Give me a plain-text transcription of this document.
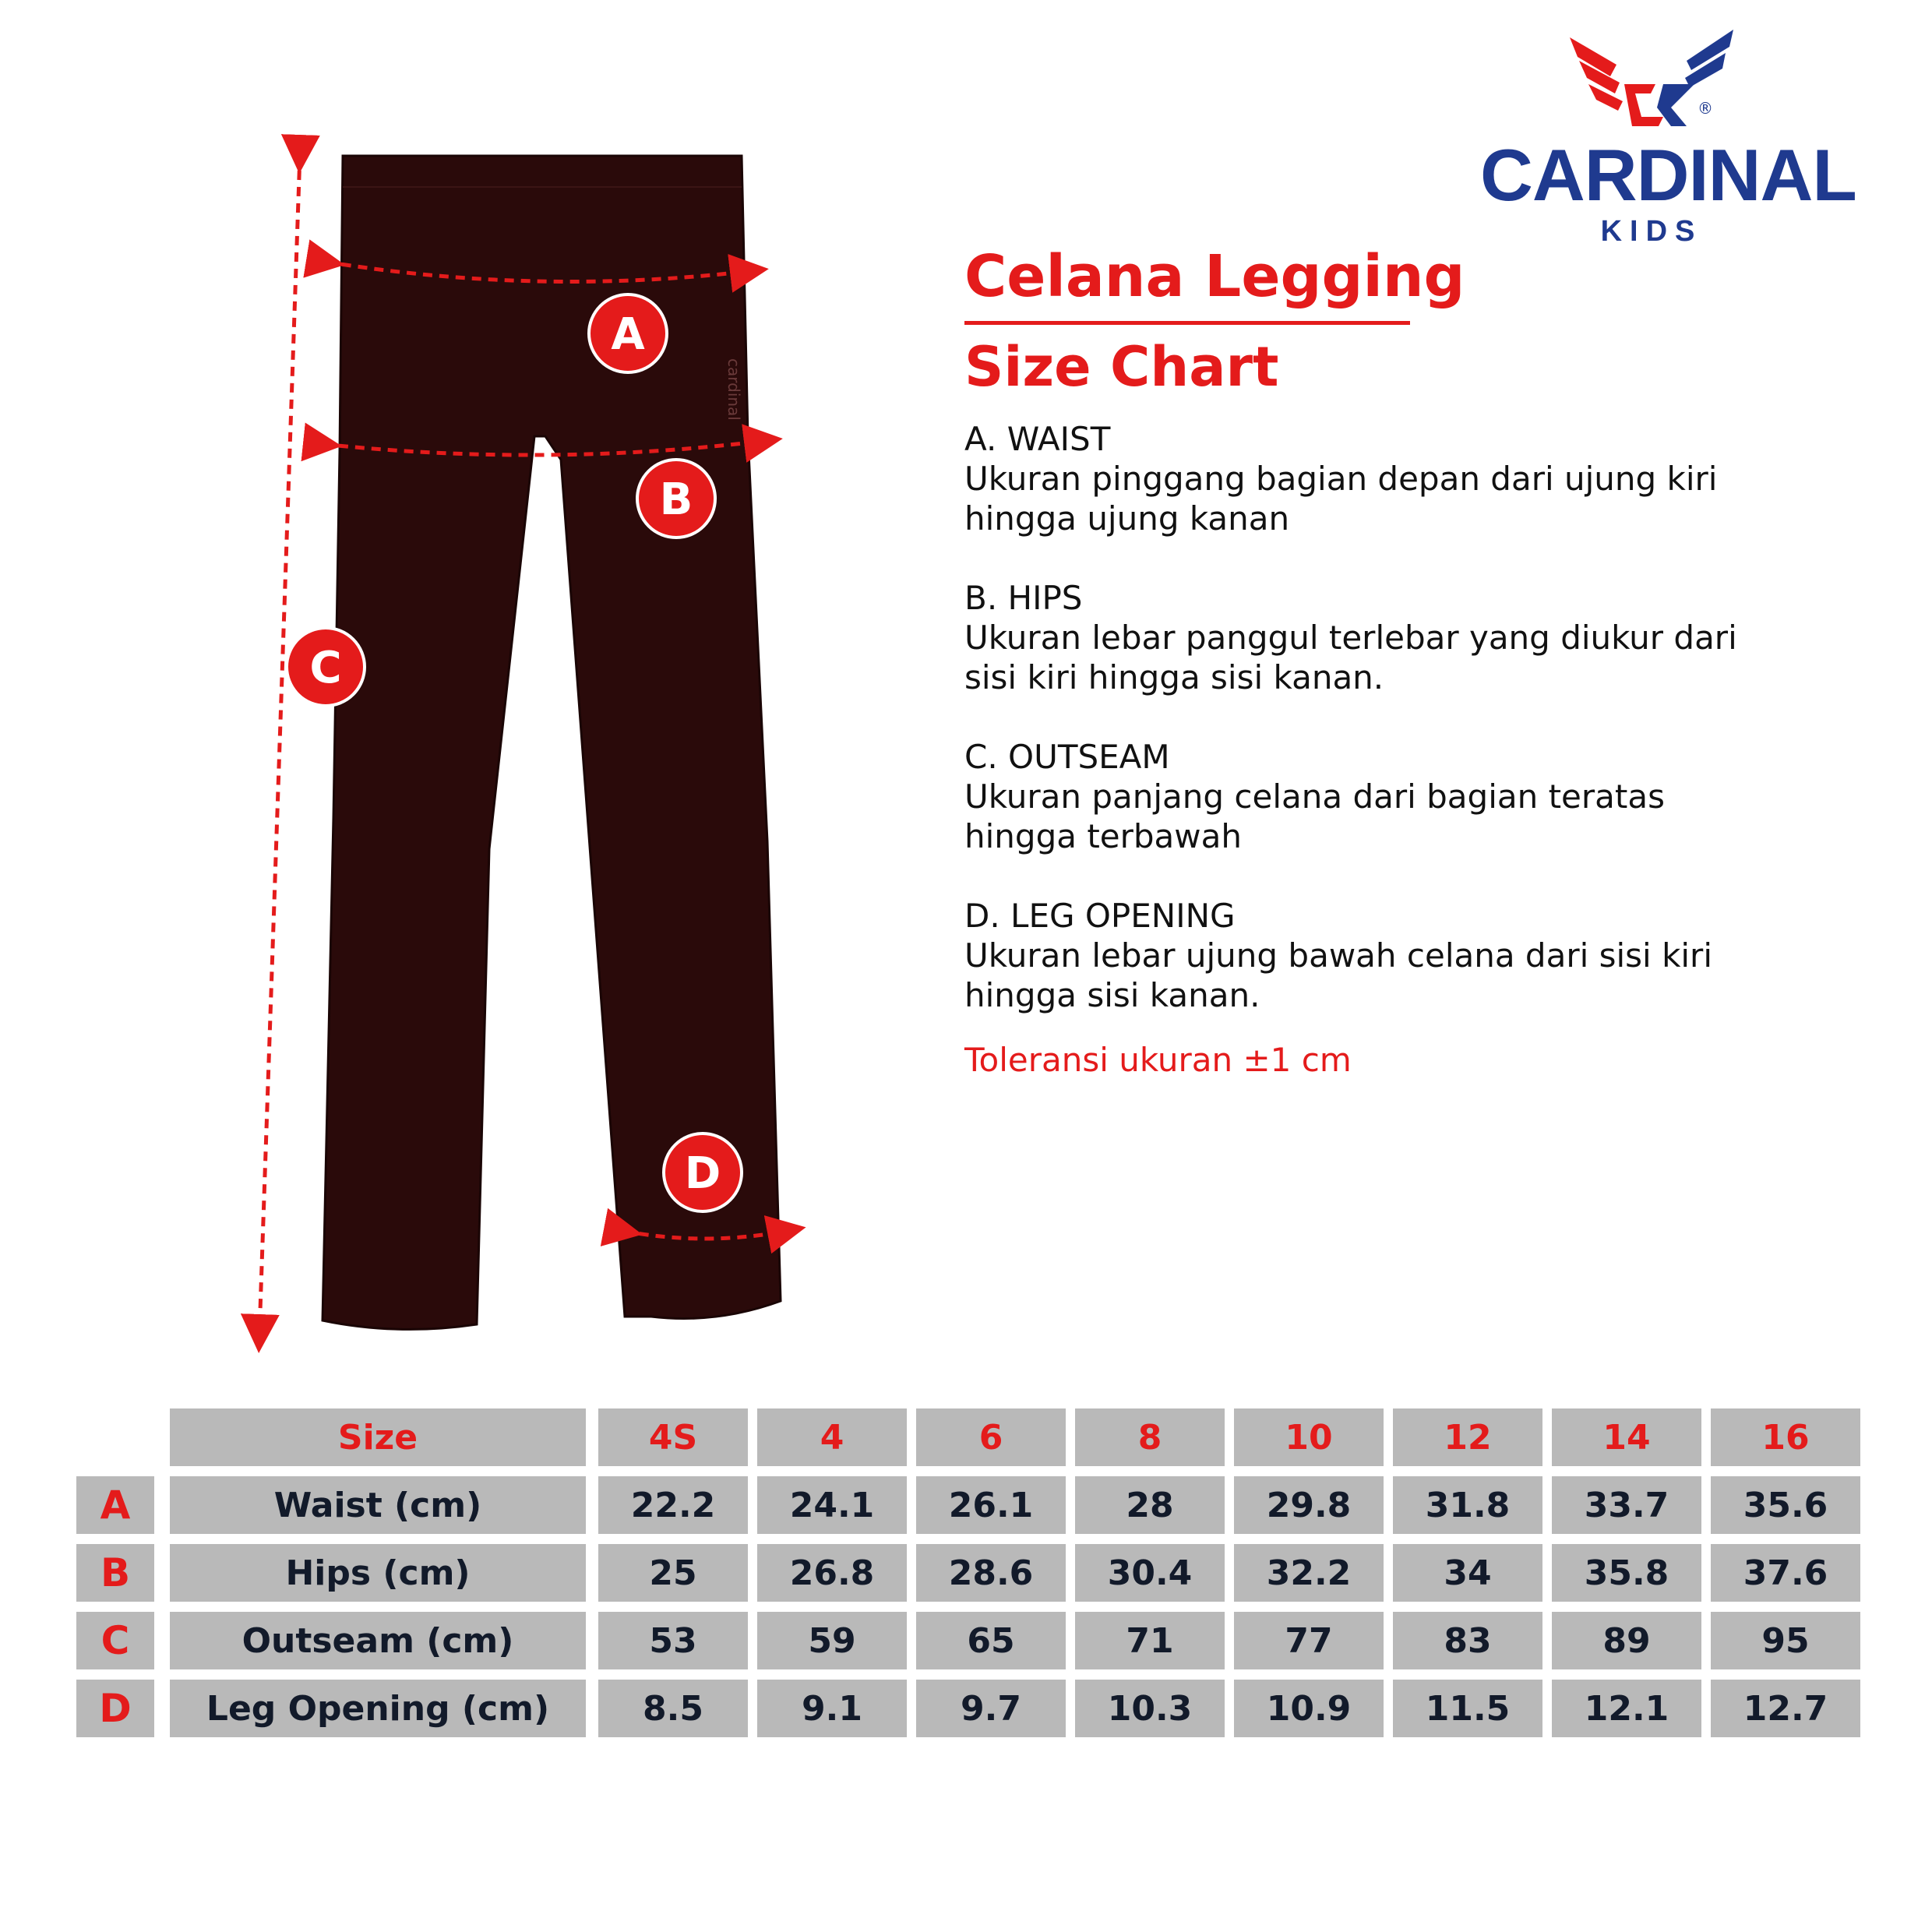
®
CARDINAL
KIDS
Celana Legging
Size Chart
A. WAIST
Ukuran pinggang bagian depan dari ujung kiri hingga ujung kanan
B. HIPS
Ukuran lebar panggul terlebar yang diukur dari sisi kiri hingga sisi kanan.
C. OUTSEAM
Ukuran panjang celana dari bagian teratas hingga terbawah
D. LEG OPENING
Ukuran lebar ujung bawah celana dari sisi kiri hingga sisi kanan.
Toleransi ukuran ±1 cm
cardinal
A
B
C
D
Size	4S	4	6	8	10	12	14	16
A	Waist (cm)	22.2	24.1	26.1	28	29.8	31.8	33.7	35.6
B	Hips (cm)	25	26.8	28.6	30.4	32.2	34	35.8	37.6
C	Outseam (cm)	53	59	65	71	77	83	89	95
D	Leg Opening (cm)	8.5	9.1	9.7	10.3	10.9	11.5	12.1	12.7
